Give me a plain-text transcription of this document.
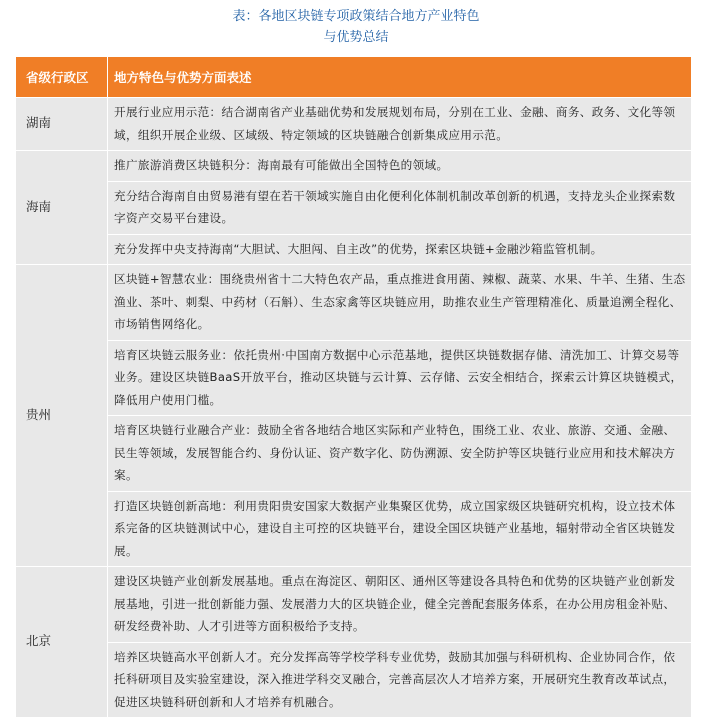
表：各地区块链专项政策结合地方产业特色
与优势总结
省级行政区	地方特色与优势方面表述
湖南	开展行业应用示范：结合湖南省产业基础优势和发展规划布局，分别在工业、金融、商务、政务、文化等领域，组织开展企业级、区域级、特定领域的区块链融合创新集成应用示范。
海南	推广旅游消费区块链积分：海南最有可能做出全国特色的领域。
	充分结合海南自由贸易港有望在若干领域实施自由化便利化体制机制改革创新的机遇，支持龙头企业探索数字资产交易平台建设。
	充分发挥中央支持海南“大胆试、大胆闯、自主改”的优势，探索区块链+金融沙箱监管机制。
贵州	区块链+智慧农业：围绕贵州省十二大特色农产品，重点推进食用菌、辣椒、蔬菜、水果、牛羊、生猪、生态渔业、茶叶、刺梨、中药材（石斛）、生态家禽等区块链应用，助推农业生产管理精准化、质量追溯全程化、市场销售网络化。
	培育区块链云服务业：依托贵州·中国南方数据中心示范基地，提供区块链数据存储、清洗加工、计算交易等业务。建设区块链BaaS开放平台，推动区块链与云计算、云存储、云安全相结合，探索云计算区块链模式，降低用户使用门槛。
	培育区块链行业融合产业：鼓励全省各地结合地区实际和产业特色，围绕工业、农业、旅游、交通、金融、民生等领域，发展智能合约、身份认证、资产数字化、防伪溯源、安全防护等区块链行业应用和技术解决方案。
	打造区块链创新高地：利用贵阳贵安国家大数据产业集聚区优势，成立国家级区块链研究机构，设立技术体系完备的区块链测试中心，建设自主可控的区块链平台，建设全国区块链产业基地，辐射带动全省区块链发展。
北京	建设区块链产业创新发展基地。重点在海淀区、朝阳区、通州区等建设各具特色和优势的区块链产业创新发展基地，引进一批创新能力强、发展潜力大的区块链企业，健全完善配套服务体系，在办公用房租金补贴、研发经费补助、人才引进等方面积极给予支持。
	培养区块链高水平创新人才。充分发挥高等学校学科专业优势，鼓励其加强与科研机构、企业协同合作，依托科研项目及实验室建设，深入推进学科交叉融合，完善高层次人才培养方案，开展研究生教育改革试点，促进区块链科研创新和人才培养有机融合。
